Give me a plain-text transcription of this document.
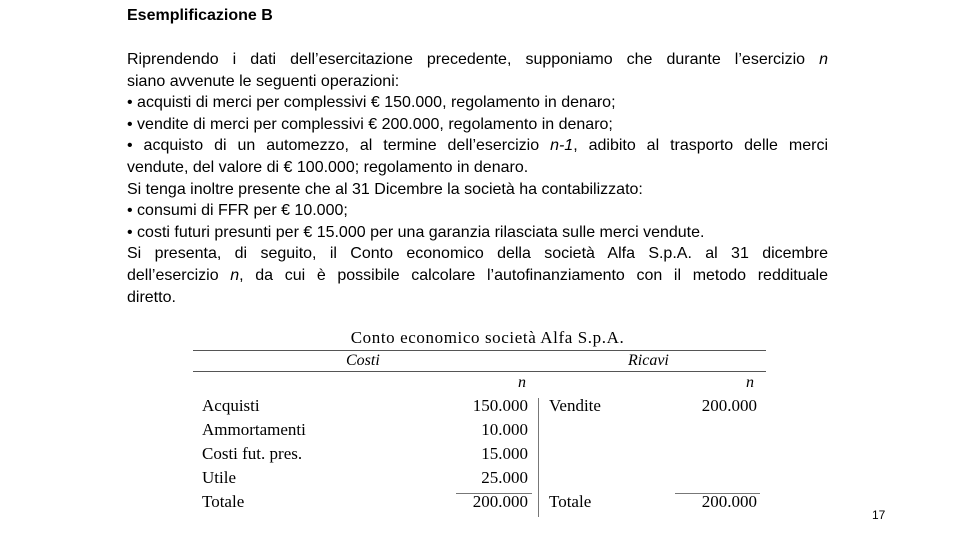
Esemplificazione B
Riprendendo i dati dell’esercitazione precedente, supponiamo che durante l’esercizio n
siano avvenute le seguenti operazioni:
• acquisti di merci per complessivi € 150.000, regolamento in denaro;
• vendite di merci per complessivi € 200.000, regolamento in denaro;
• acquisto di un automezzo, al termine dell’esercizio n-1, adibito al trasporto delle merci
vendute, del valore di € 100.000; regolamento in denaro.
Si tenga inoltre presente che al 31 Dicembre la società ha contabilizzato:
• consumi di FFR per € 10.000;
• costi futuri presunti per € 15.000 per una garanzia rilasciata sulle merci vendute.
Si presenta, di seguito, il Conto economico della società Alfa S.p.A. al 31 dicembre
dell’esercizio n, da cui è possibile calcolare l’autofinanziamento con il metodo reddituale
diretto.
Conto economico società Alfa S.p.A.
Costi	Ricavi
n	n
Acquisti	150.000 Vendite	200.000
Ammortamenti	10.000
Costi fut. pres.	15.000
Utile	25.000
Totale	200.000 Totale	200.000
17
